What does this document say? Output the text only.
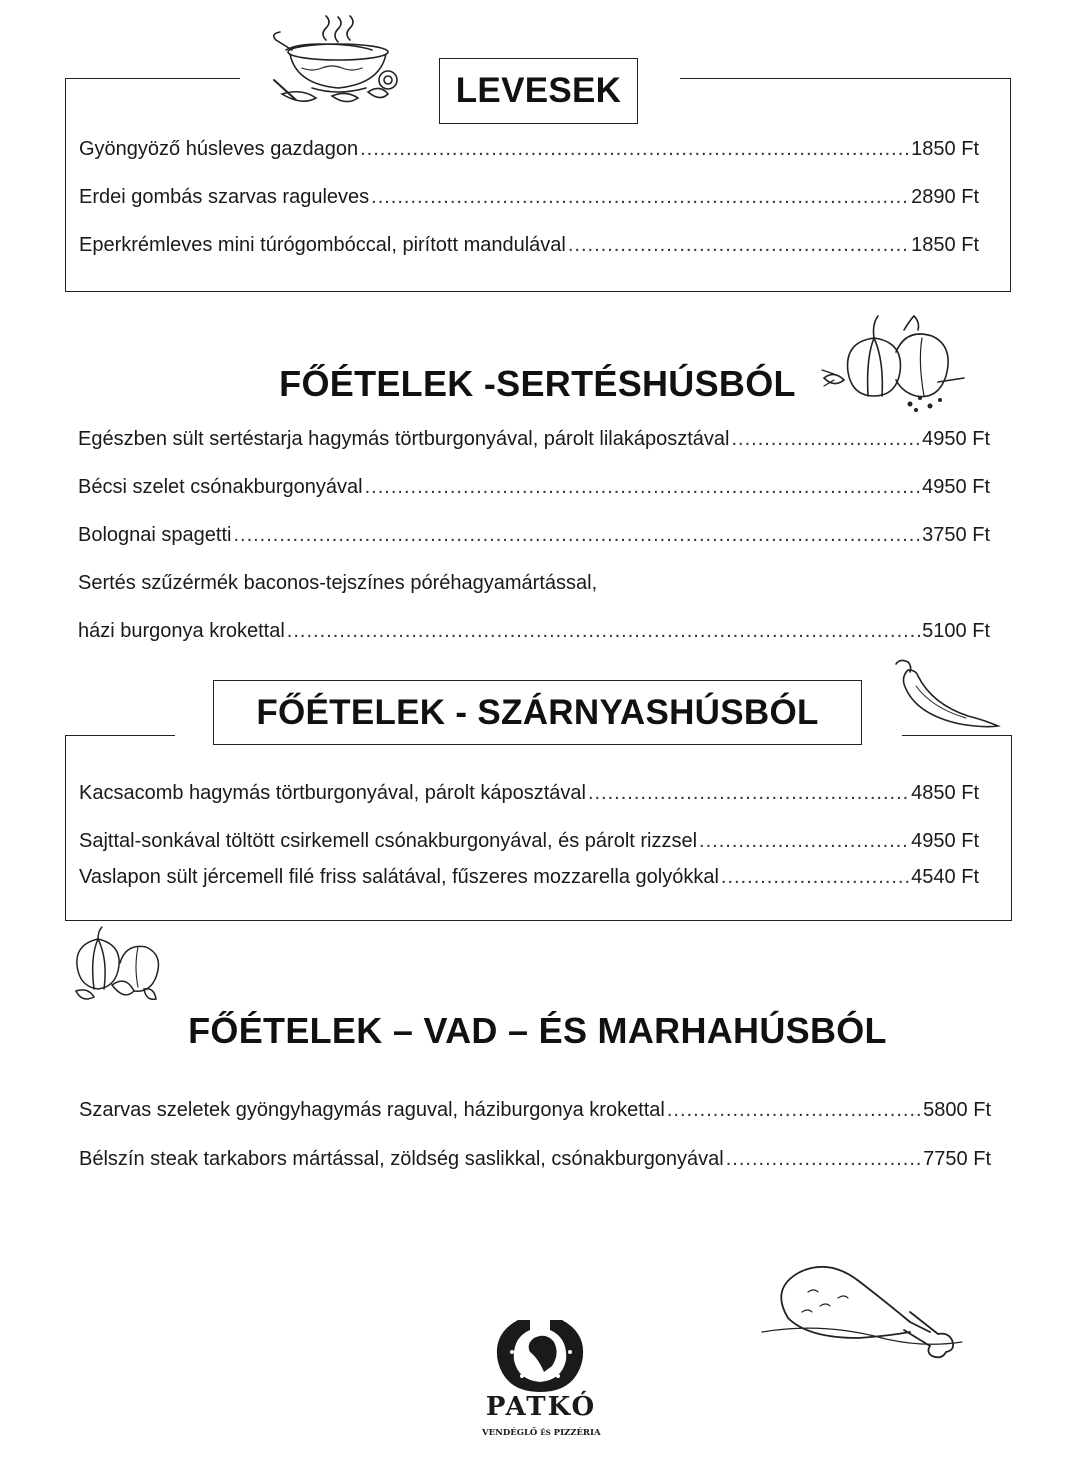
LEVESEK
Gyöngyöző húsleves gazdagon .....	1850 Ft
Erdei gombás szarvas raguleves .....	2890 Ft
Eperkrémleves mini túrógombóccal, pirított mandulával .....	1850 Ft
FŐÉTELEK -SERTÉSHÚSBÓL
Egészben sült sertéstarja hagymás törtburgonyával, párolt lilakáposztával .....	4950 Ft
Bécsi szelet csónakburgonyával .....	4950 Ft
Bolognai spagetti .....	3750 Ft
Sertés szűzérmék baconos-tejszínes póréhagyamártással,
házi burgonya krokettal .....	5100 Ft
FŐÉTELEK - SZÁRNYASHÚSBÓL
Kacsacomb hagymás törtburgonyával, párolt káposztával .....	4850 Ft
Sajttal-sonkával töltött csirkemell csónakburgonyával, és párolt rizzsel .....	4950 Ft
Vaslapon sült jércemell filé friss salátával, fűszeres mozzarella golyókkal .....	4540 Ft
FŐÉTELEK – VAD – ÉS MARHAHÚSBÓL
Szarvas szeletek gyöngyhagymás raguval, háziburgonya krokettal .....	5800 Ft
Bélszín steak tarkabors mártással, zöldség saslikkal, csónakburgonyával .....	7750 Ft
PATKÓ
VENDÉGLŐ ÉS PIZZÉRIA
